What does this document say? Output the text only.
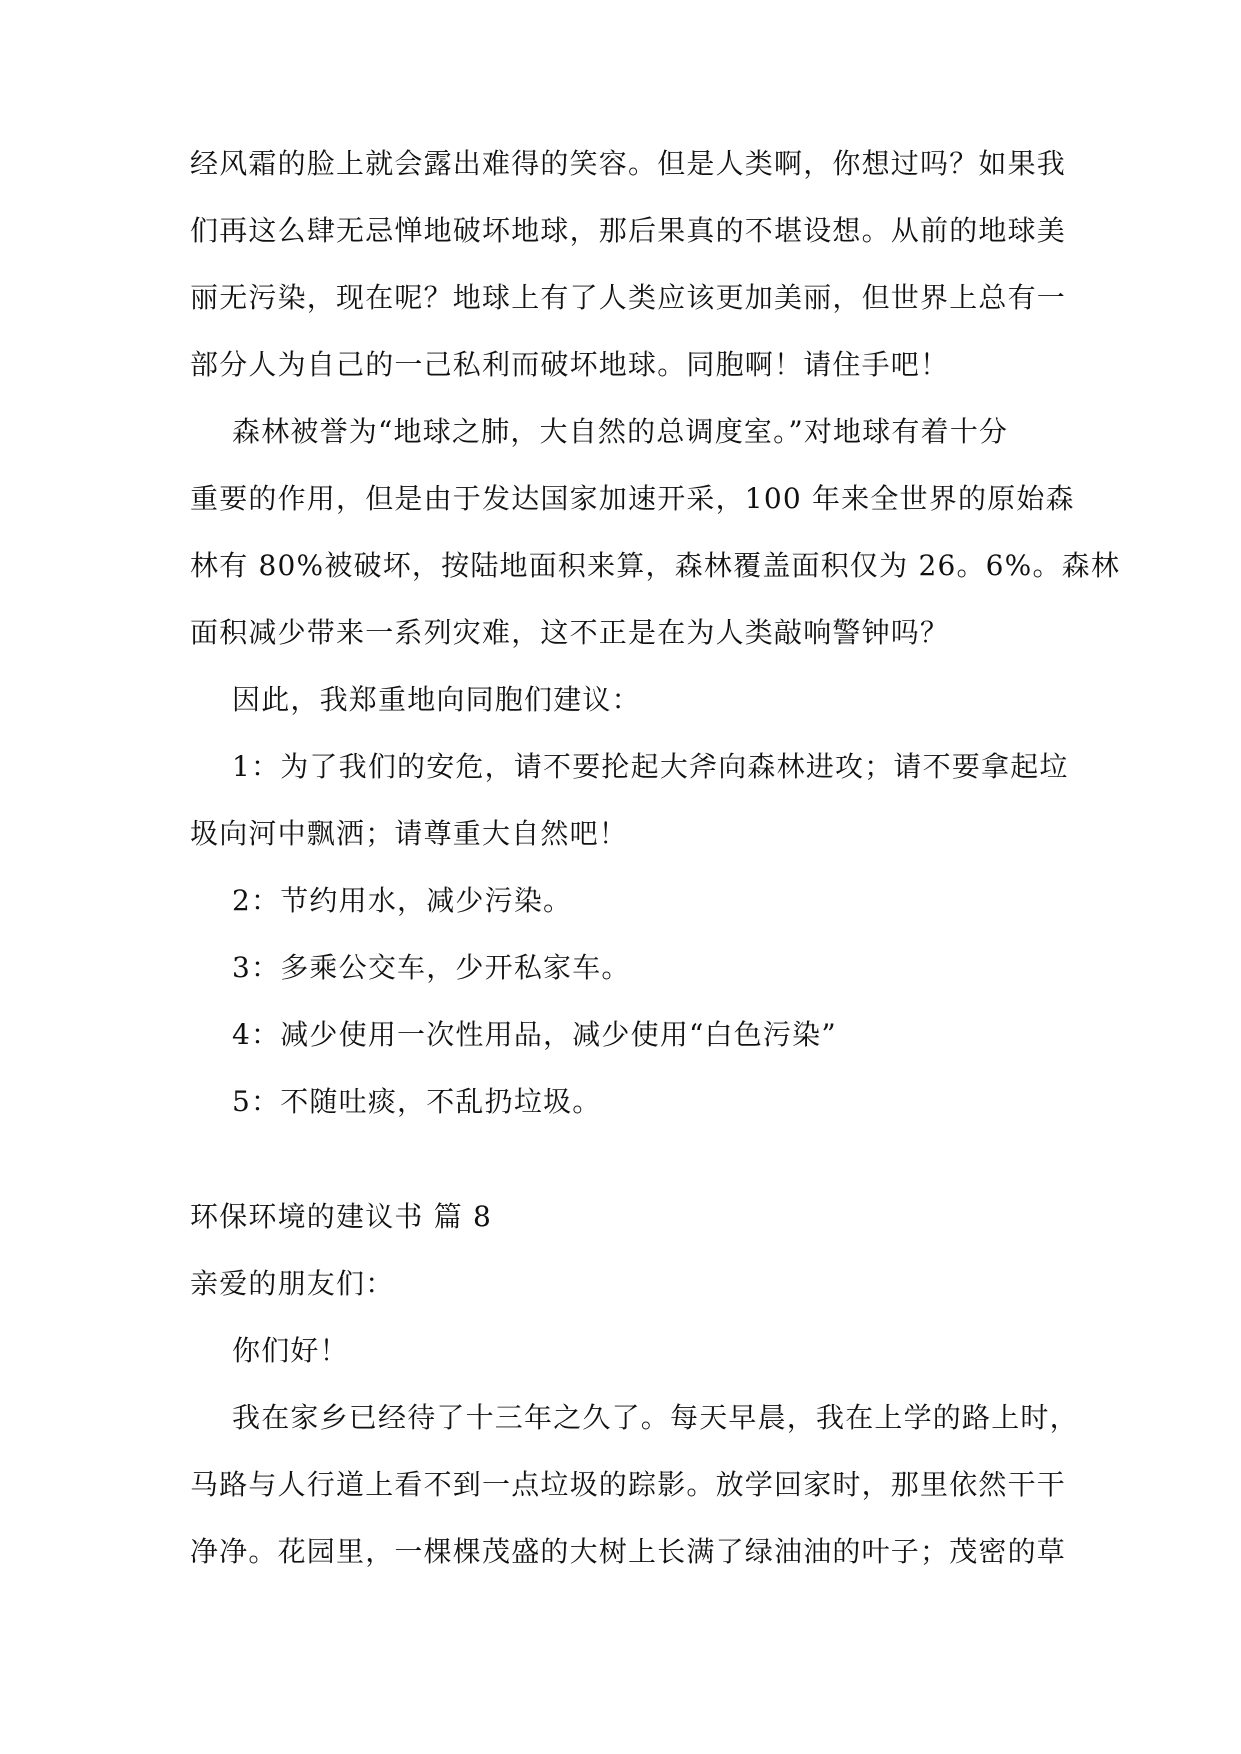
经风霜的脸上就会露出难得的笑容。但是人类啊，你想过吗？如果我
们再这么肆无忌惮地破坏地球，那后果真的不堪设想。从前的地球美
丽无污染，现在呢？地球上有了人类应该更加美丽，但世界上总有一
部分人为自己的一己私利而破坏地球。同胞啊！请住手吧！
森林被誉为“地球之肺，大自然的总调度室。”对地球有着十分
重要的作用，但是由于发达国家加速开采，100 年来全世界的原始森
林有 80%被破坏，按陆地面积来算，森林覆盖面积仅为 26。6%。森林
面积减少带来一系列灾难，这不正是在为人类敲响警钟吗？
因此，我郑重地向同胞们建议：
1：为了我们的安危，请不要抡起大斧向森林进攻；请不要拿起垃
圾向河中飘洒；请尊重大自然吧！
2：节约用水，减少污染。
3：多乘公交车，少开私家车。
4：减少使用一次性用品，减少使用“白色污染”
5：不随吐痰，不乱扔垃圾。
环保环境的建议书 篇 8
亲爱的朋友们：
你们好！
我在家乡已经待了十三年之久了。每天早晨，我在上学的路上时，
马路与人行道上看不到一点垃圾的踪影。放学回家时，那里依然干干
净净。花园里，一棵棵茂盛的大树上长满了绿油油的叶子；茂密的草
